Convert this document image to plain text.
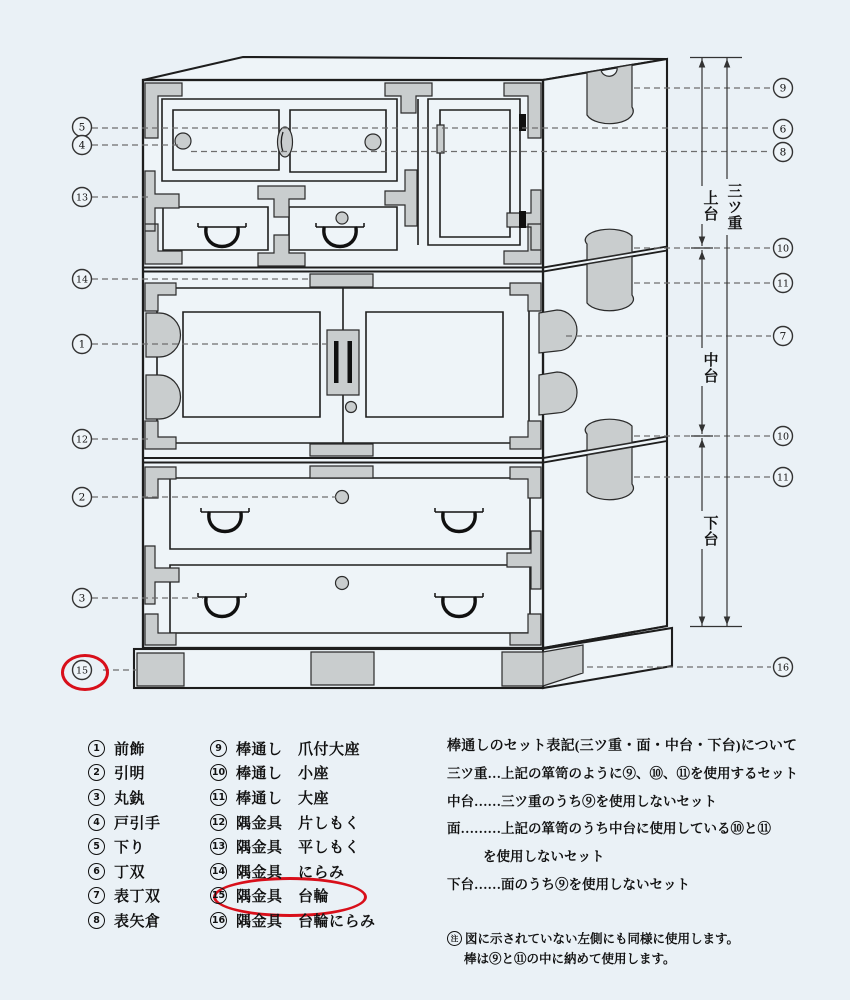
上台 三ツ重
中台
下台
5
4
13
14
1
12
2
3
15
9
6
8
10
11
7
10
11
16
1 前飾
2 引明
3 丸釻
4 戸引手
5 下り
6 丁双
7 表丁双
8 表矢倉
9 棒通し　爪付大座
10 棒通し　小座
11 棒通し　大座
12 隅金具　片しもく
13 隅金具　平しもく
14 隅金具　にらみ
15 隅金具　台輪
16 隅金具　台輪にらみ
棒通しのセット表記(三ツ重・面・中台・下台)について
三ツ重…上記の箪笥のように⑨、⑩、⑪を使用するセット
中台……三ツ重のうち⑨を使用しないセット
面………上記の箪笥のうち中台に使用している⑩と⑪
を使用しないセット
下台……面のうち⑨を使用しないセット
注 図に示されていない左側にも同様に使用します。
棒は⑨と⑪の中に納めて使用します。
